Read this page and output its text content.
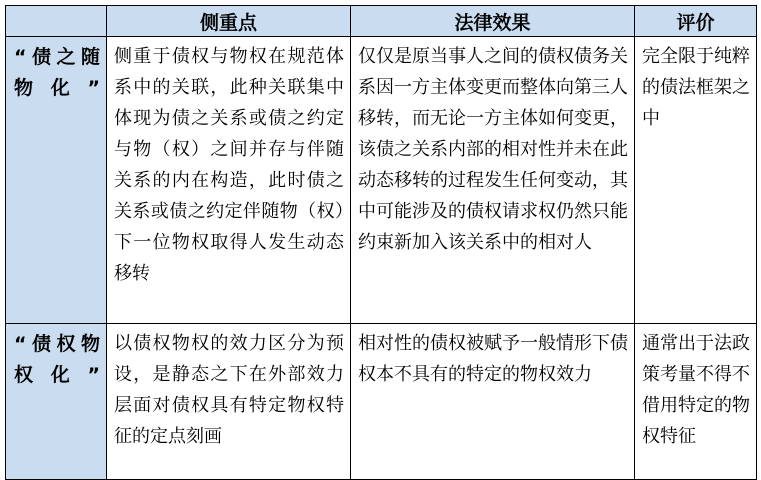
	侧重点	法律效果	评价
“债之随物化”	侧重于债权与物权在规范体系中的关联，此种关联集中体现为债之关系或债之约定与物（权）之间并存与伴随关系的内在构造，此时债之关系或债之约定伴随物（权）下一位物权取得人发生动态移转	仅仅是原当事人之间的债权债务关系因一方主体变更而整体向第三人移转，而无论一方主体如何变更，该债之关系内部的相对性并未在此动态移转的过程发生任何变动，其中可能涉及的债权请求权仍然只能约束新加入该关系中的相对人	完全限于纯粹的债法框架之中
“债权物权化”	以债权物权的效力区分为预设，是静态之下在外部效力层面对债权具有特定物权特征的定点刻画	相对性的债权被赋予一般情形下债权本不具有的特定的物权效力	通常出于法政策考量不得不借用特定的物权特征
